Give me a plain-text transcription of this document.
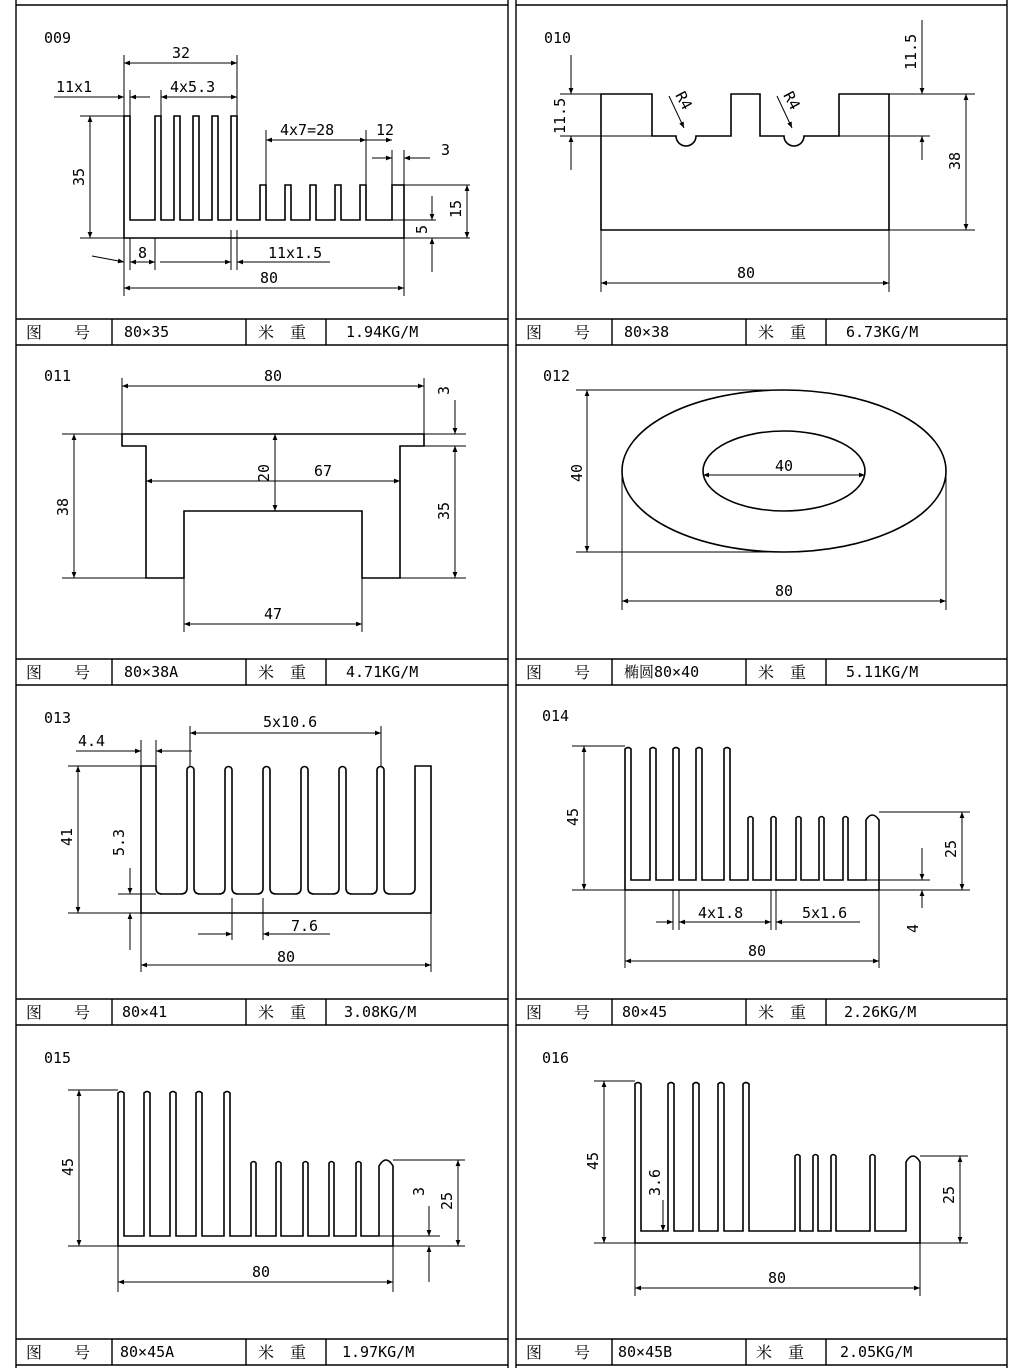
图　　号 80×35	米　重	1.94KG/M	图　　号 80×38	米　重	6.73KG/M
图　　号 80×38A	米　重	4.71KG/M	图　　号 椭圆80×40	米　重	5.11KG/M
图　　号 80×41	米　重	3.08KG/M	图　　号 80×45	米　重	2.26KG/M
图　　号 80×45A	米　重 1.97KG/M	图　　号 80×45B	米　重 2.05KG/M
009
32
11x1	4x5.3
4x7=28	12
3
35
15
5
8	11x1.5
80
010
11.5
11.5
R4	R4
38
80
011	80
3
38
20	67
35
47
012
40	40
80
013
4.4
5x10.6
41 5.3
7.6
80
014
45
25
4x1.8	5x1.6
4
80
015
45
3
25
80
016
45
3.6	25
80
